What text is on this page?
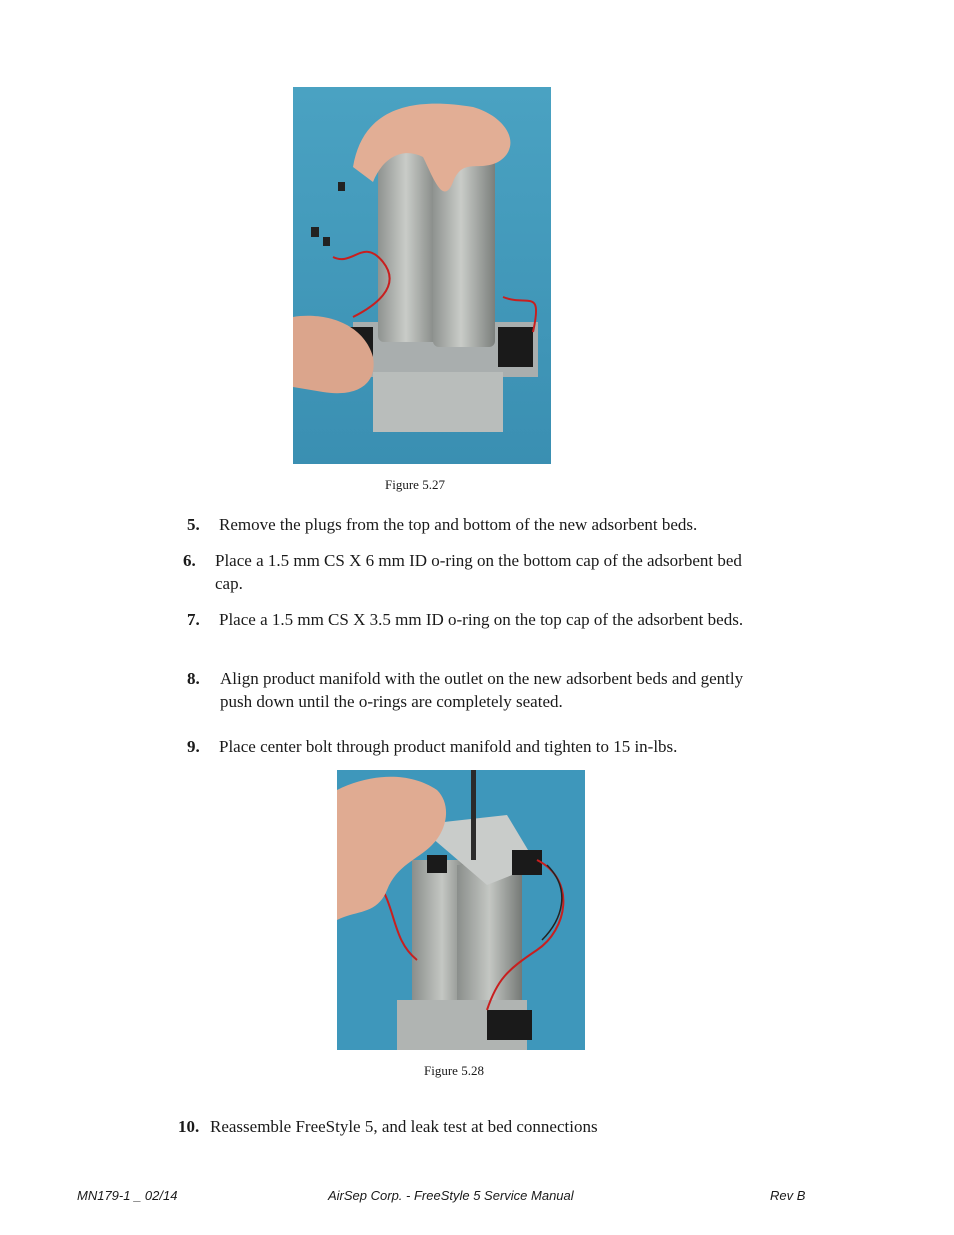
Figure 5.27
5.	Remove the plugs from the top and bottom of the new adsorbent beds.
6.	Place a 1.5 mm CS X 6 mm ID o-ring on the bottom cap of the adsorbent bed cap.
7.	Place a 1.5 mm CS X 3.5 mm ID o-ring on the top cap of the adsorbent beds.
8.	Align product manifold with the outlet on the new adsorbent beds and gently push down until the o-rings are completely seated.
9.	Place center bolt through product manifold and tighten to 15 in-lbs.
Figure 5.28
10. Reassemble FreeStyle 5, and leak test at bed connections
MN179-1 _ 02/14	AirSep Corp. - FreeStyle 5 Service Manual	Rev B
